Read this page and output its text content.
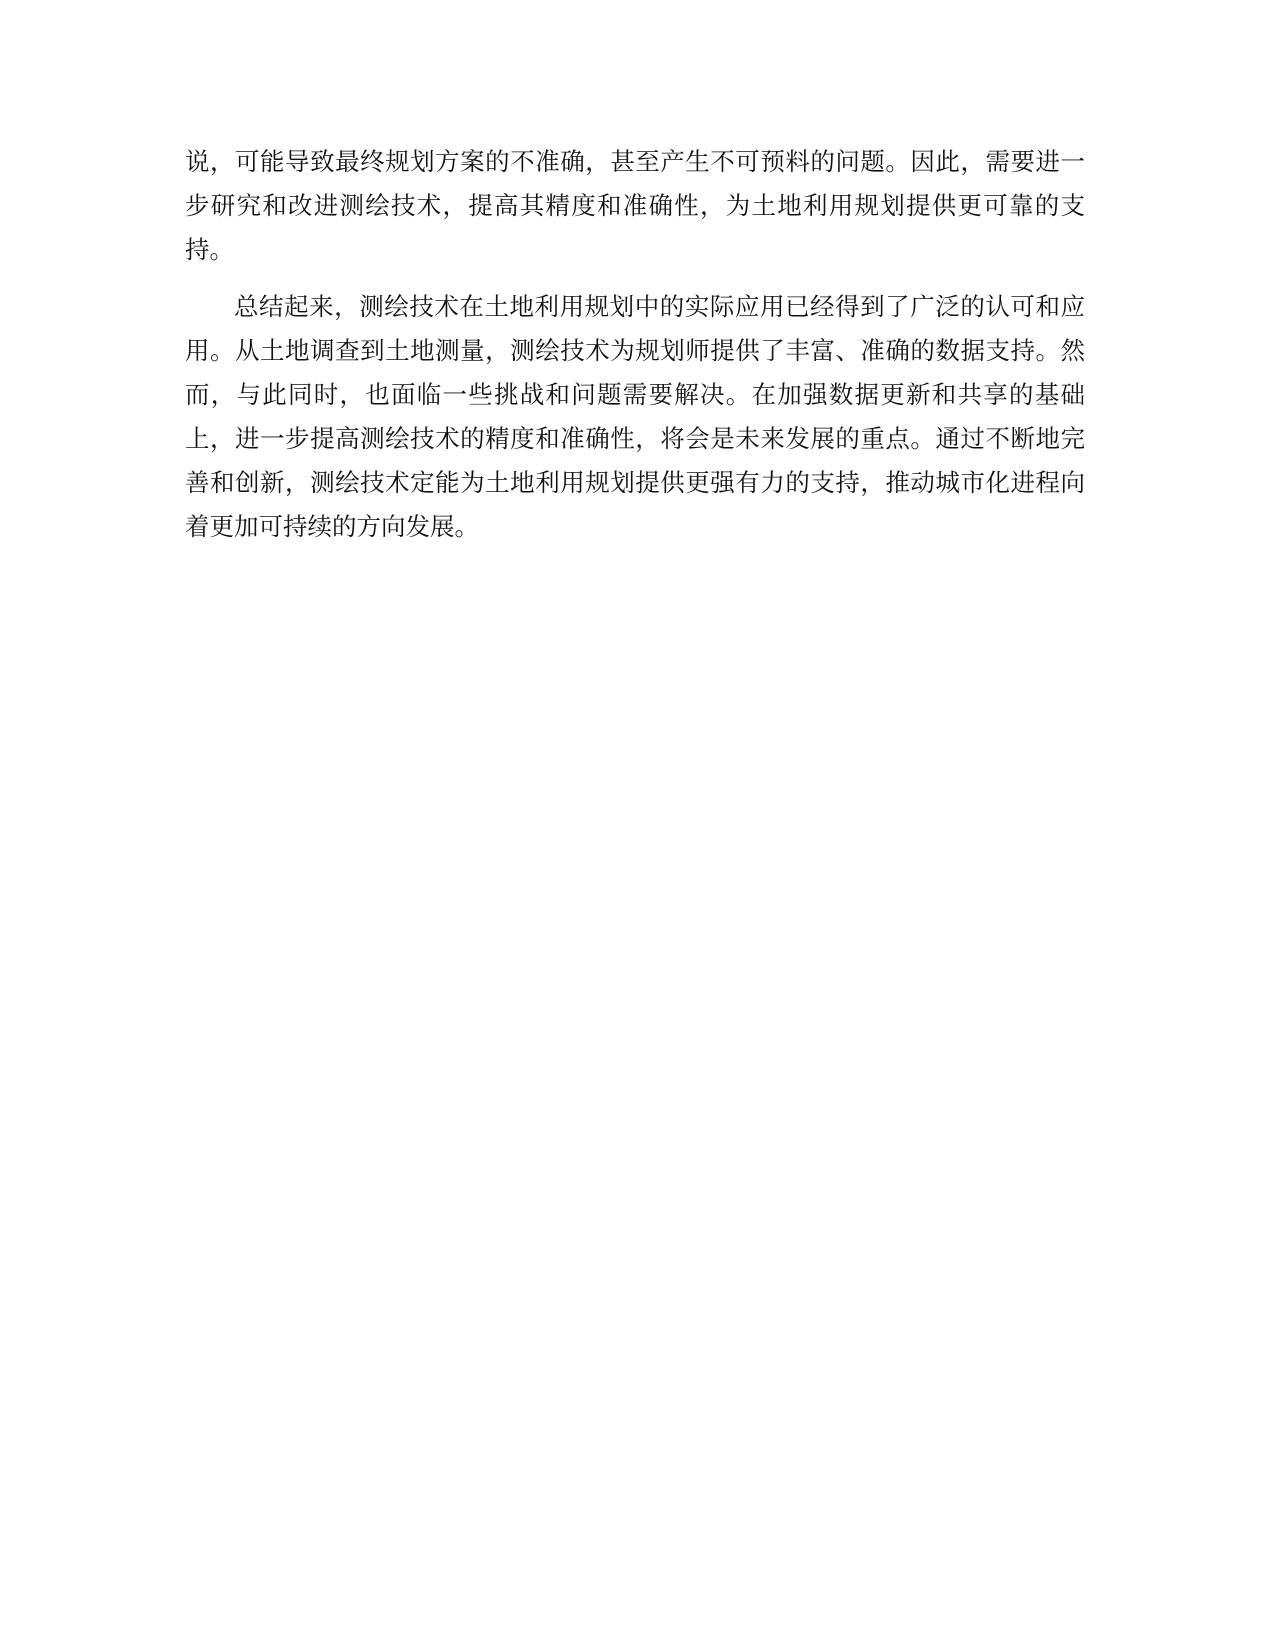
说，可能导致最终规划方案的不准确，甚至产生不可预料的问题。因此，需要进一步研究和改进测绘技术，提高其精度和准确性，为土地利用规划提供更可靠的支持。

总结起来，测绘技术在土地利用规划中的实际应用已经得到了广泛的认可和应用。从土地调查到土地测量，测绘技术为规划师提供了丰富、准确的数据支持。然而，与此同时，也面临一些挑战和问题需要解决。在加强数据更新和共享的基础上，进一步提高测绘技术的精度和准确性，将会是未来发展的重点。通过不断地完善和创新，测绘技术定能为土地利用规划提供更强有力的支持，推动城市化进程向着更加可持续的方向发展。
